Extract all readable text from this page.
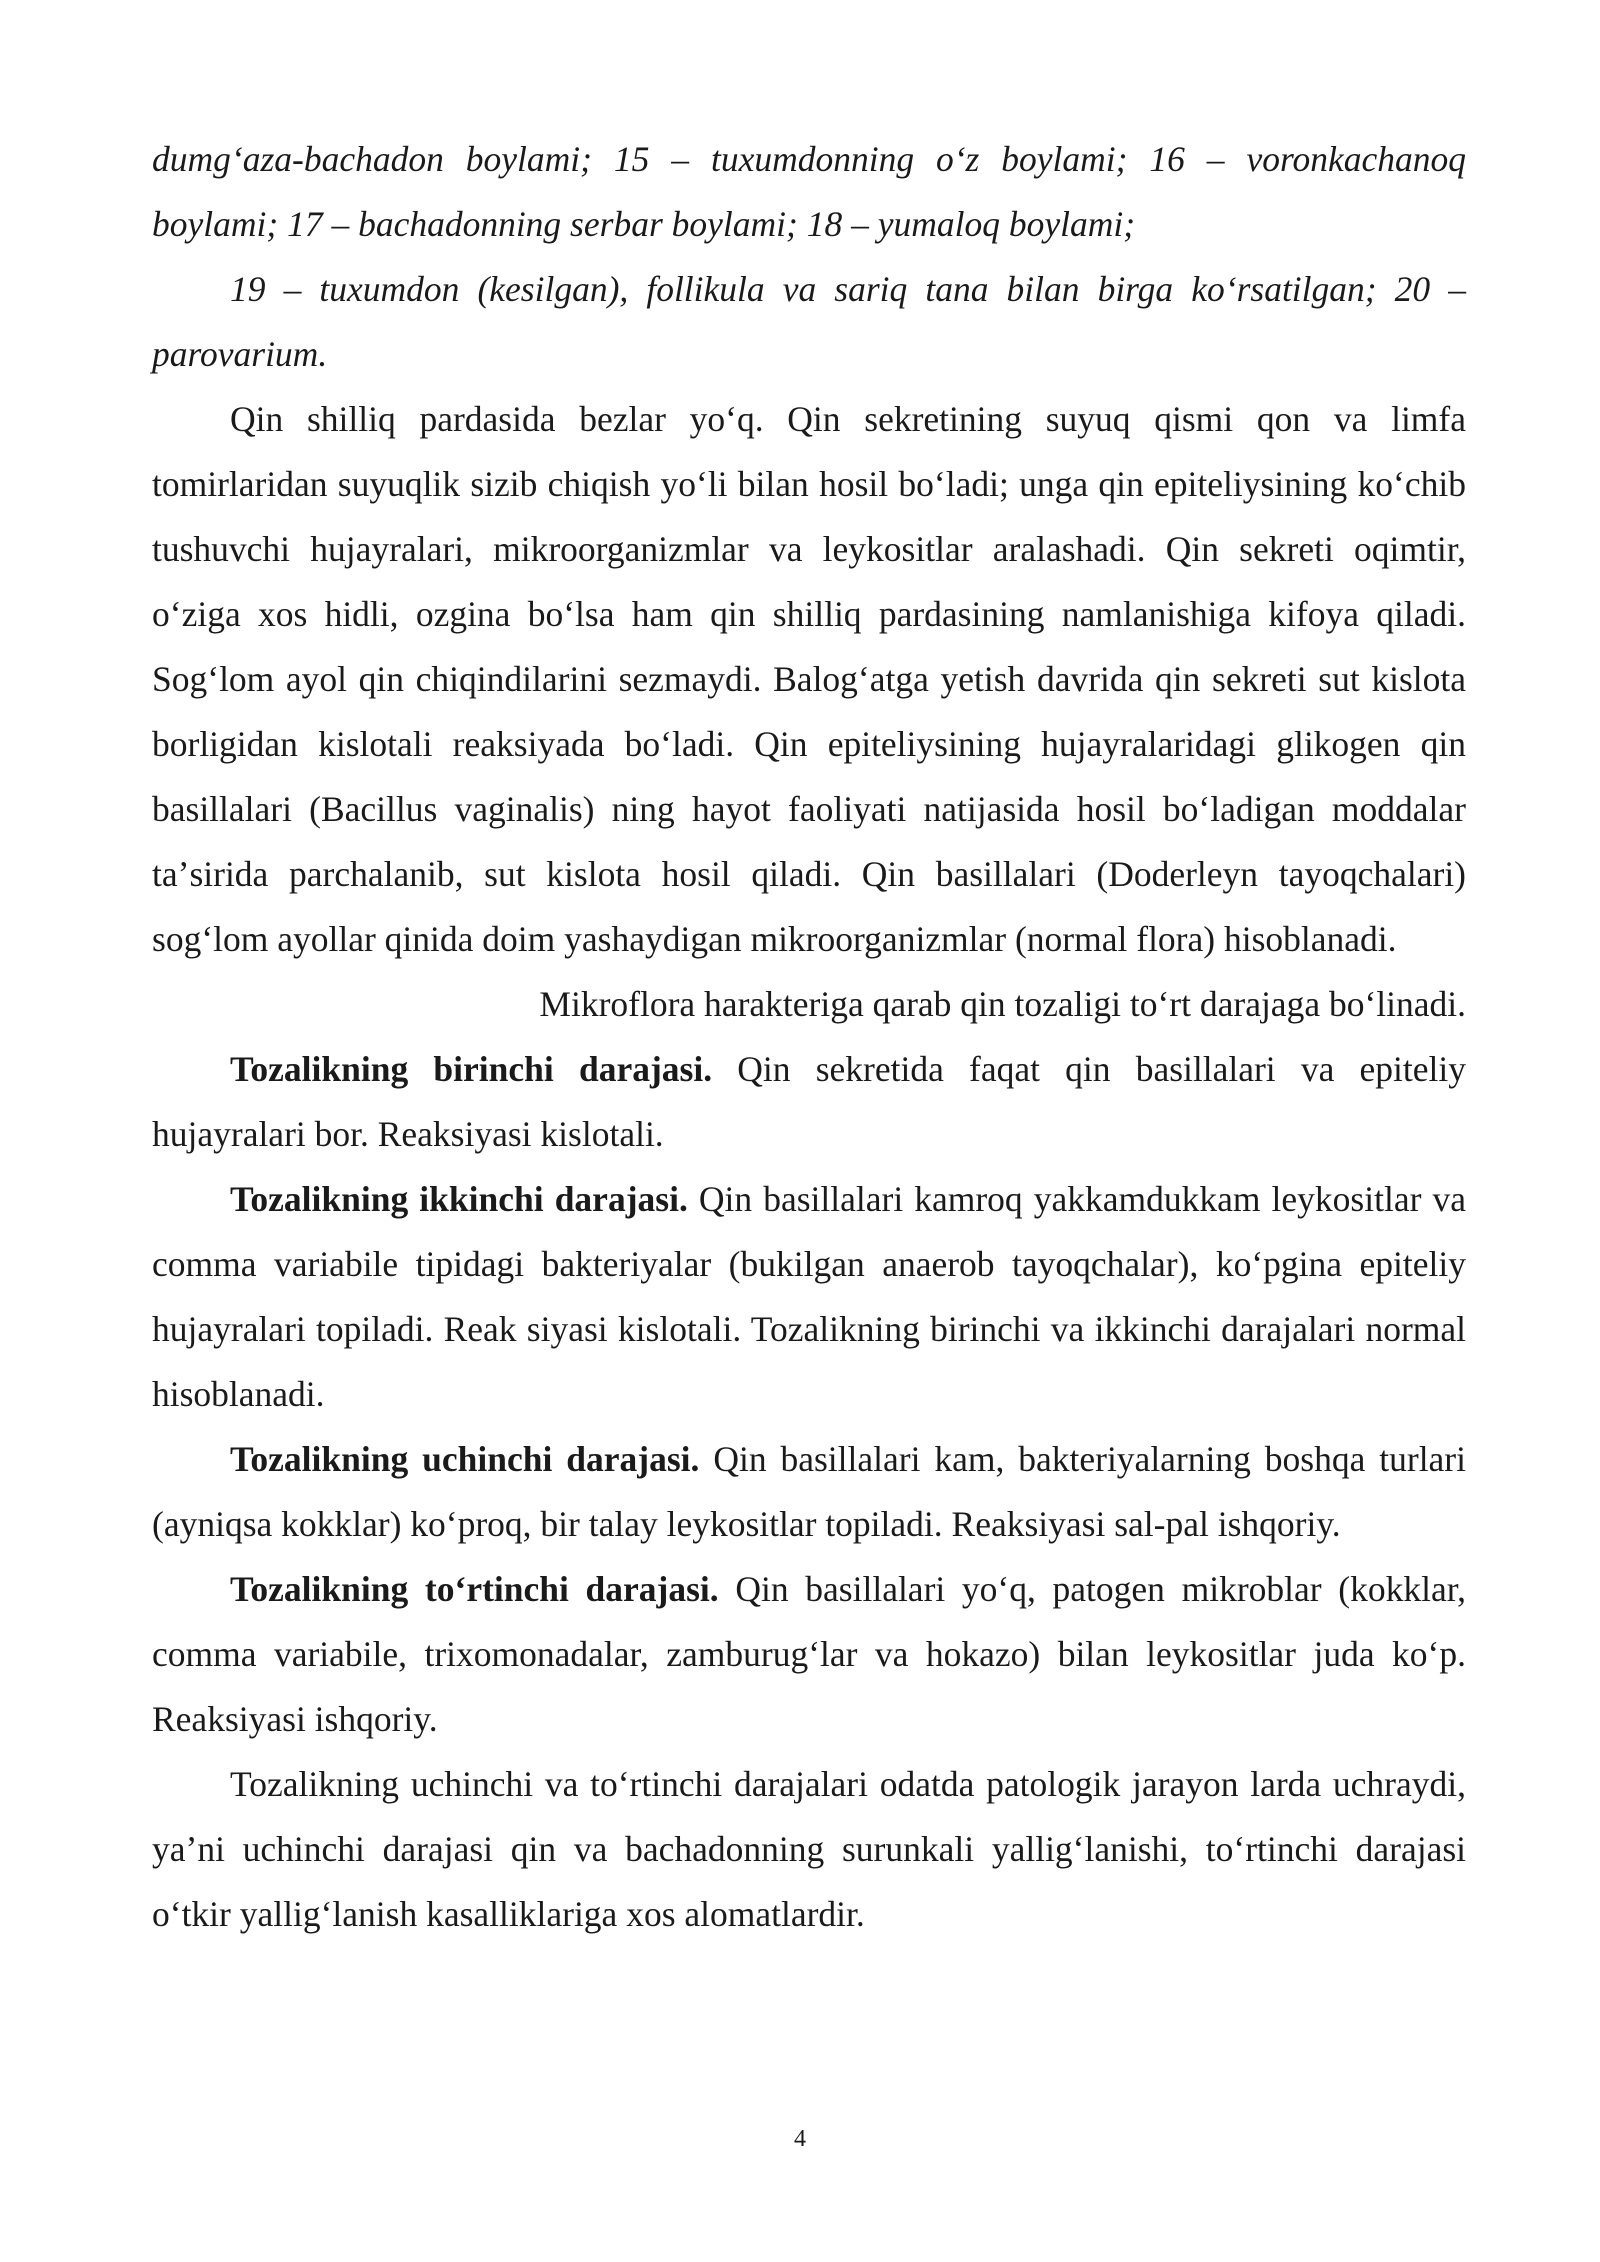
dumgʻaza-bachadon boylami; 15 – tuxumdonning oʻz boylami; 16 – voronkachanoq boylami; 17 – bachadonning serbar boylami; 18 – yumaloq boylami;

19 – tuxumdon (kesilgan), follikula va sariq tana bilan birga koʻrsatilgan; 20 – parovarium.

Qin shilliq pardasida bezlar yoʻq. Qin sekretining suyuq qismi qon va limfa tomirlaridan suyuqlik sizib chiqish yoʻli bilan hosil boʻladi; unga qin epiteliysining koʻchib tushuvchi hujayralari, mikroorganizmlar va leykositlar aralashadi. Qin sekreti oqimtir, oʻziga xos hidli, ozgina boʻlsa ham qin shilliq pardasining namlanishiga kifoya qiladi. Sogʻlom ayol qin chiqindilarini sezmaydi. Balogʻatga yetish davrida qin sekreti sut kislota borligidan kislotali reaksiyada boʻladi. Qin epiteliysining hujayralaridagi glikogen qin basillalari (Bacillus vaginalis) ning hayot faoliyati natijasida hosil boʻladigan moddalar taʼsirida parchalanib, sut kislota hosil qiladi. Qin basillalari (Doderleyn tayoqchalari) sogʻlom ayollar qinida doim yashaydigan mikroorganizmlar (normal flora) hisoblanadi.

Mikroflora harakteriga qarab qin tozaligi toʻrt darajaga boʻlinadi.

Tozalikning birinchi darajasi. Qin sekretida faqat qin basillalari va epiteliy hujayralari bor. Reaksiyasi kislotali.

Tozalikning ikkinchi darajasi. Qin basillalari kamroq yakkamdukkam leykositlar va comma variabile tipidagi bakteriyalar (bukilgan anaerob tayoqchalar), koʻpgina epiteliy hujayralari topiladi. Reak siyasi kislotali. Tozalikning birinchi va ikkinchi darajalari normal hisoblanadi.

Tozalikning uchinchi darajasi. Qin basillalari kam, bakteriyalarning boshqa turlari (ayniqsa kokklar) koʻproq, bir talay leykositlar topiladi. Reaksiyasi sal-pal ishqoriy.

Tozalikning toʻrtinchi darajasi. Qin basillalari yoʻq, patogen mikroblar (kokklar, comma variabile, trixomonadalar, zamburugʻlar va hokazo) bilan leykositlar juda koʻp. Reaksiyasi ishqoriy.

Tozalikning uchinchi va toʻrtinchi darajalari odatda patologik jarayon larda uchraydi, yaʼni uchinchi darajasi qin va bachadonning surunkali yalligʻlanishi, toʻrtinchi darajasi oʻtkir yalligʻlanish kasalliklariga xos alomatlardir.

4
